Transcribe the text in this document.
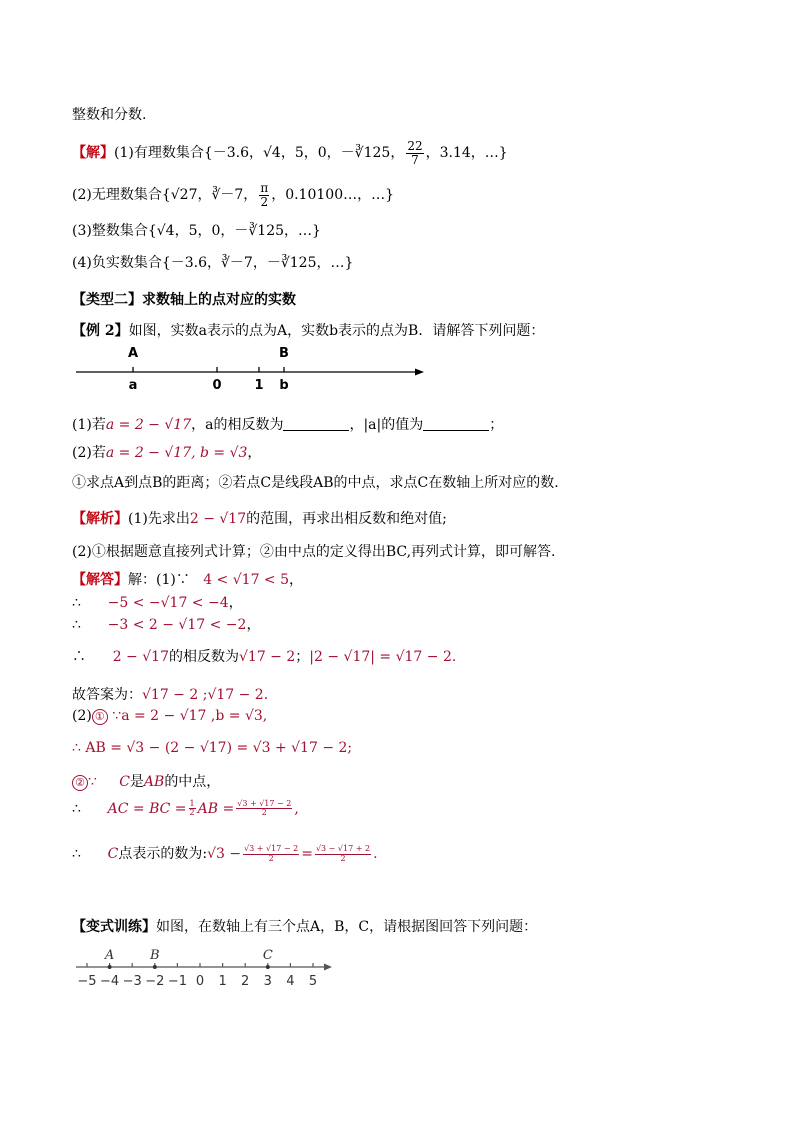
整数和分数.
【解】(1)有理数集合{－3.6，√4，5，0，－∛125， $\frac{22}{7}$ ，3.14，…}
(2)无理数集合{√27，∛－7， $\frac{\pi}{2}$ ，0.10100…，…}
(3)整数集合{√4，5，0，－∛125，…}
(4)负实数集合{－3.6，∛－7，－∛125，…}
【类型二】求数轴上的点对应的实数
【例 2】如图，实数a表示的点为A，实数b表示的点为B．请解答下列问题：
A	B
a	0	1 b
(1)若a = 2 − √17，a的相反数为	，|a|的值为	；
(2)若a = 2 − √17, b = √3，
①求点A到点B的距离；②若点C是线段AB的中点，求点C在数轴上所对应的数.
【解析】(1)先求出2 − √17的范围，再求出相反数和绝对值;
(2)①根据题意直接列式计算；②由中点的定义得出BC,再列式计算，即可解答.
【解答】解：(1)∵ 4 < √17 < 5，
∴ −5 < −√17 < −4，
∴ −3 < 2 − √17 < −2，
∴ 2 − √17的相反数为√17 − 2；|2 − √17| = √17 − 2.
故答案为：√17 − 2 ;√17 − 2.
(2) ① ∵a = 2 − √17 ,b = √3,
∴ AB = √3 − (2 − √17) = √3 + √17 − 2;
② ∵ C是AB的中点，
∴ AC = BC = $\frac{1}{2}$ AB = $\frac{√3 + √17 - 2}{2}$ ,
∴ C点表示的数为:√3 − $\frac{√3 + √17 - 2}{2} = \frac{√3 - √17 + 2}{2}$ .
【变式训练】如图，在数轴上有三个点A，B，C，请根据图回答下列问题：
−5 −4 −3 −2 −1 0 1 2 3 4 5
A	B	C
